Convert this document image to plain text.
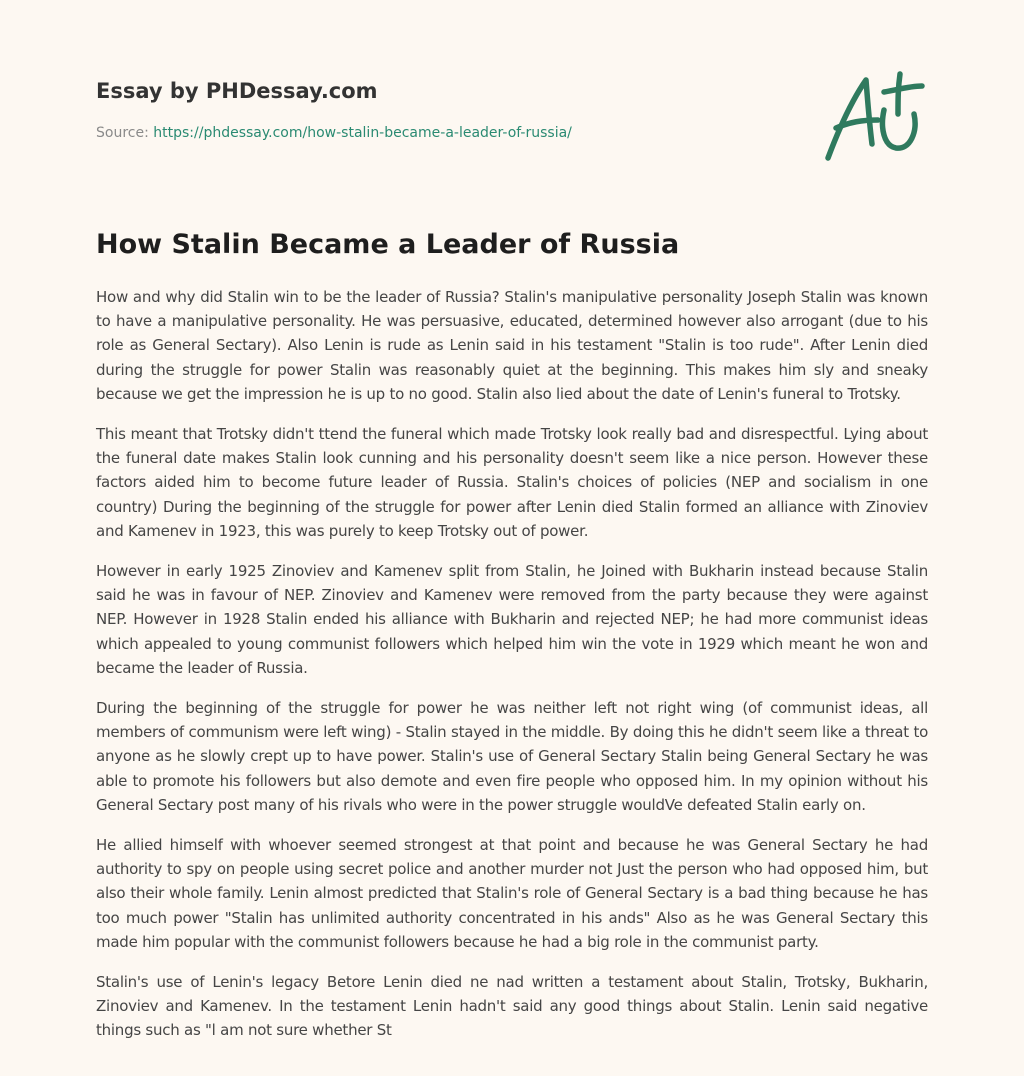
Essay by PHDessay.com
Source: https://phdessay.com/how-stalin-became-a-leader-of-russia/
How Stalin Became a Leader of Russia

How and why did Stalin win to be the leader of Russia? Stalin's manipulative personality Joseph Stalin was known to have a manipulative personality. He was persuasive, educated, determined however also arrogant (due to his role as General Sectary). Also Lenin is rude as Lenin said in his testament "Stalin is too rude". After Lenin died during the struggle for power Stalin was reasonably quiet at the beginning. This makes him sly and sneaky because we get the impression he is up to no good. Stalin also lied about the date of Lenin's funeral to Trotsky.

This meant that Trotsky didn't ttend the funeral which made Trotsky look really bad and disrespectful. Lying about the funeral date makes Stalin look cunning and his personality doesn't seem like a nice person. However these factors aided him to become future leader of Russia. Stalin's choices of policies (NEP and socialism in one country) During the beginning of the struggle for power after Lenin died Stalin formed an alliance with Zinoviev and Kamenev in 1923, this was purely to keep Trotsky out of power.

However in early 1925 Zinoviev and Kamenev split from Stalin, he Joined with Bukharin instead because Stalin said he was in favour of NEP. Zinoviev and Kamenev were removed from the party because they were against NEP. However in 1928 Stalin ended his alliance with Bukharin and rejected NEP; he had more communist ideas which appealed to young communist followers which helped him win the vote in 1929 which meant he won and became the leader of Russia.

During the beginning of the struggle for power he was neither left not right wing (of communist ideas, all members of communism were left wing) - Stalin stayed in the middle. By doing this he didn't seem like a threat to anyone as he slowly crept up to have power. Stalin's use of General Sectary Stalin being General Sectary he was able to promote his followers but also demote and even fire people who opposed him. In my opinion without his General Sectary post many of his rivals who were in the power struggle wouldVe defeated Stalin early on.

He allied himself with whoever seemed strongest at that point and because he was General Sectary he had authority to spy on people using secret police and another murder not Just the person who had opposed him, but also their whole family. Lenin almost predicted that Stalin's role of General Sectary is a bad thing because he has too much power "Stalin has unlimited authority concentrated in his ands" Also as he was General Sectary this made him popular with the communist followers because he had a big role in the communist party.

Stalin's use of Lenin's legacy Betore Lenin died ne nad written a testament about Stalin, Trotsky, Bukharin, Zinoviev and Kamenev. In the testament Lenin hadn't said any good things about Stalin. Lenin said negative things such as "l am not sure whether St
